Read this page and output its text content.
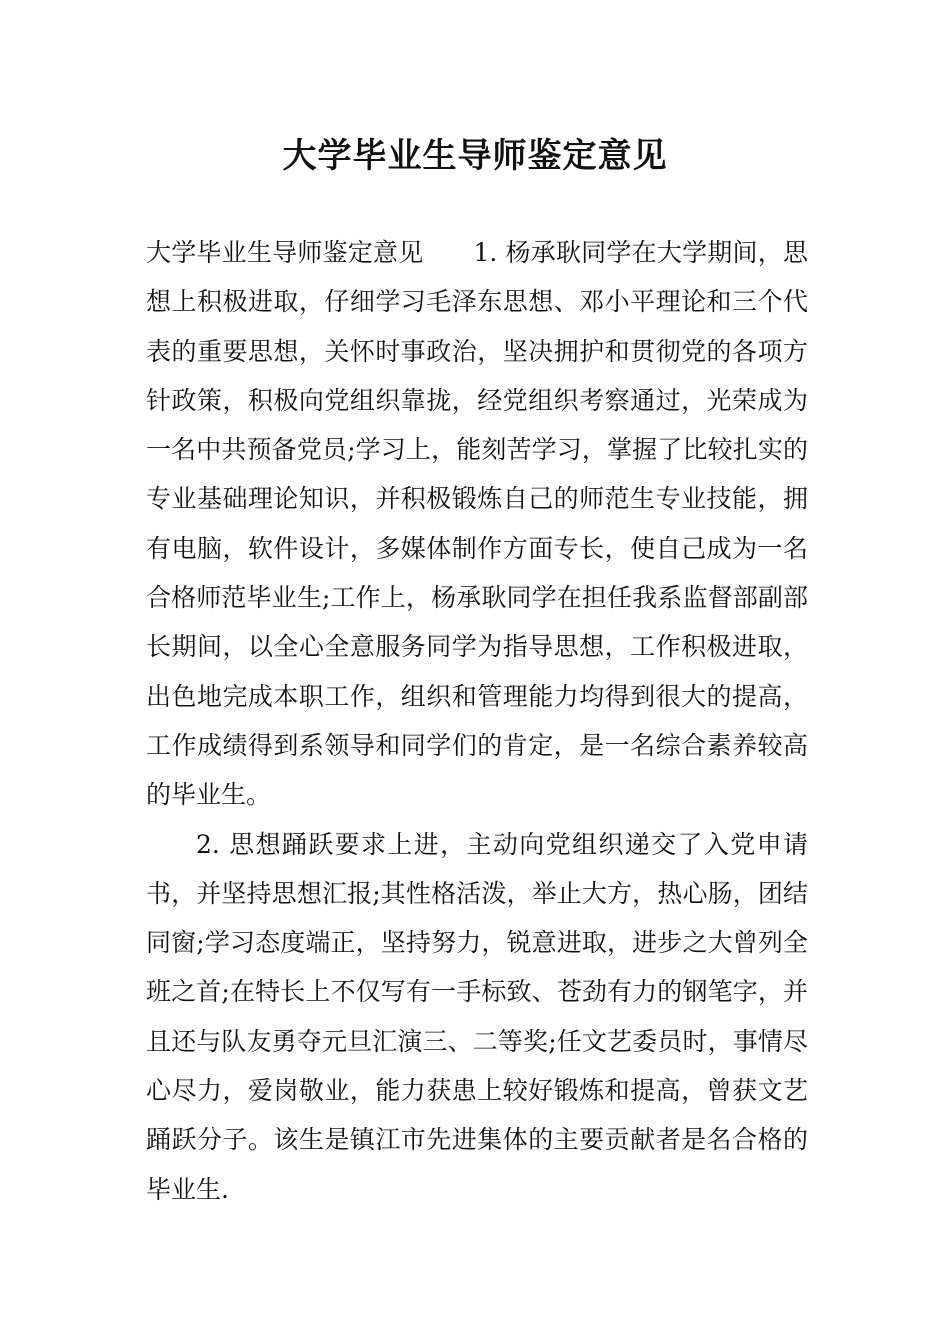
大学毕业生导师鉴定意见

大学毕业生导师鉴定意见 1. 杨承耿同学在大学期间，思想上积极进取，仔细学习毛泽东思想、邓小平理论和三个代表的重要思想，关怀时事政治，坚决拥护和贯彻党的各项方针政策，积极向党组织靠拢，经党组织考察通过，光荣成为一名中共预备党员;学习上，能刻苦学习，掌握了比较扎实的专业基础理论知识，并积极锻炼自己的师范生专业技能，拥有电脑，软件设计，多媒体制作方面专长，使自己成为一名合格师范毕业生;工作上，杨承耿同学在担任我系监督部副部长期间，以全心全意服务同学为指导思想，工作积极进取，出色地完成本职工作，组织和管理能力均得到很大的提高，工作成绩得到系领导和同学们的肯定，是一名综合素养较高的毕业生。

2. 思想踊跃要求上进，主动向党组织递交了入党申请书，并坚持思想汇报;其性格活泼，举止大方，热心肠，团结同窗;学习态度端正，坚持努力，锐意进取，进步之大曾列全班之首;在特长上不仅写有一手标致、苍劲有力的钢笔字，并且还与队友勇夺元旦汇演三、二等奖;任文艺委员时，事情尽心尽力，爱岗敬业，能力获患上较好锻炼和提高，曾获文艺踊跃分子。该生是镇江市先进集体的主要贡献者是名合格的毕业生.
